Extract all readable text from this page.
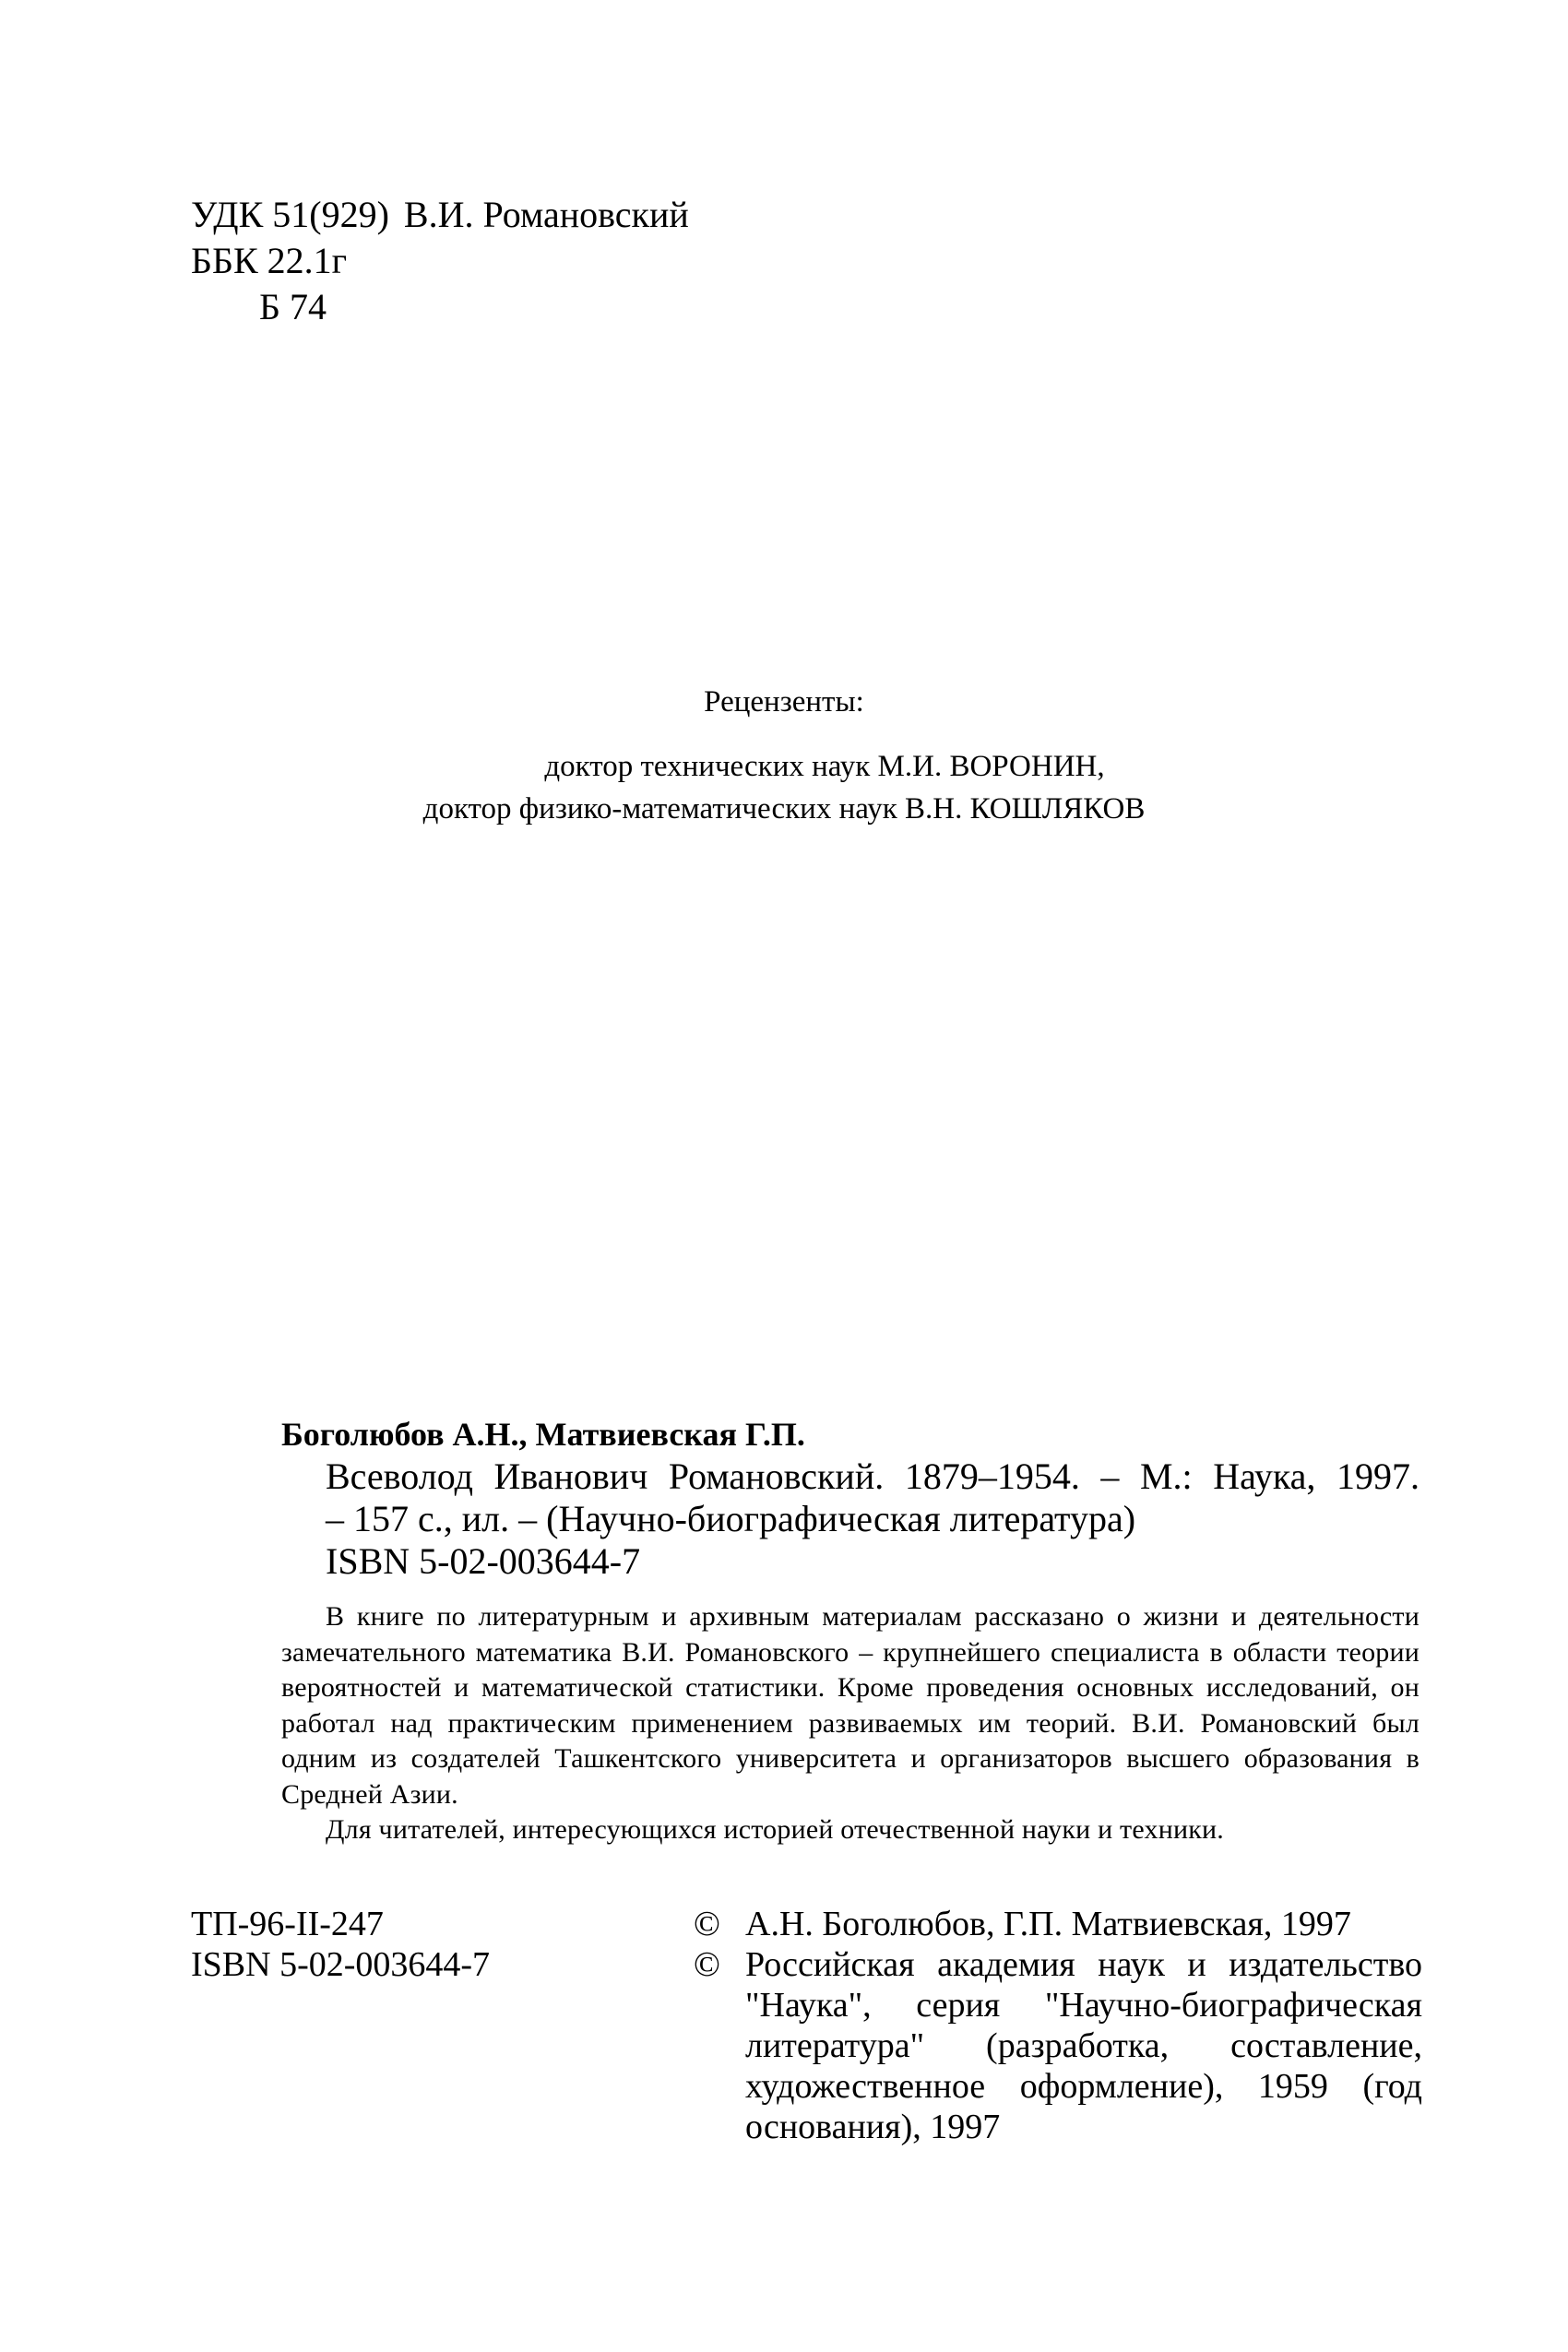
УДК 51(929) В.И. Романовский
ББК 22.1г
Б 74
Рецензенты:
доктор технических наук М.И. ВОРОНИН,
доктор физико-математических наук В.Н. КОШЛЯКОВ
Боголюбов А.Н., Матвиевская Г.П.
Всеволод Иванович Романовский. 1879–1954. – М.: Наука, 1997.
– 157 с., ил. – (Научно-биографическая литература)
ISBN 5-02-003644-7
В книге по литературным и архивным материалам рассказано о жизни и деятельности замечательного математика В.И. Романовского – крупнейшего специалиста в области теории вероятностей и математической статистики. Кроме проведения основных исследований, он работал над практическим применением развиваемых им теорий. В.И. Романовский был одним из создателей Ташкентского университета и организаторов высшего образования в Средней Азии.
Для читателей, интересующихся историей отечественной науки и техники.
ТП-96-II-247
ISBN 5-02-003644-7
© А.Н. Боголюбов, Г.П. Матвиевская, 1997
© Российская академия наук и издательство "Наука", серия "Научно-биографическая литература" (разработка, составление, художественное оформление), 1959 (год основания), 1997
